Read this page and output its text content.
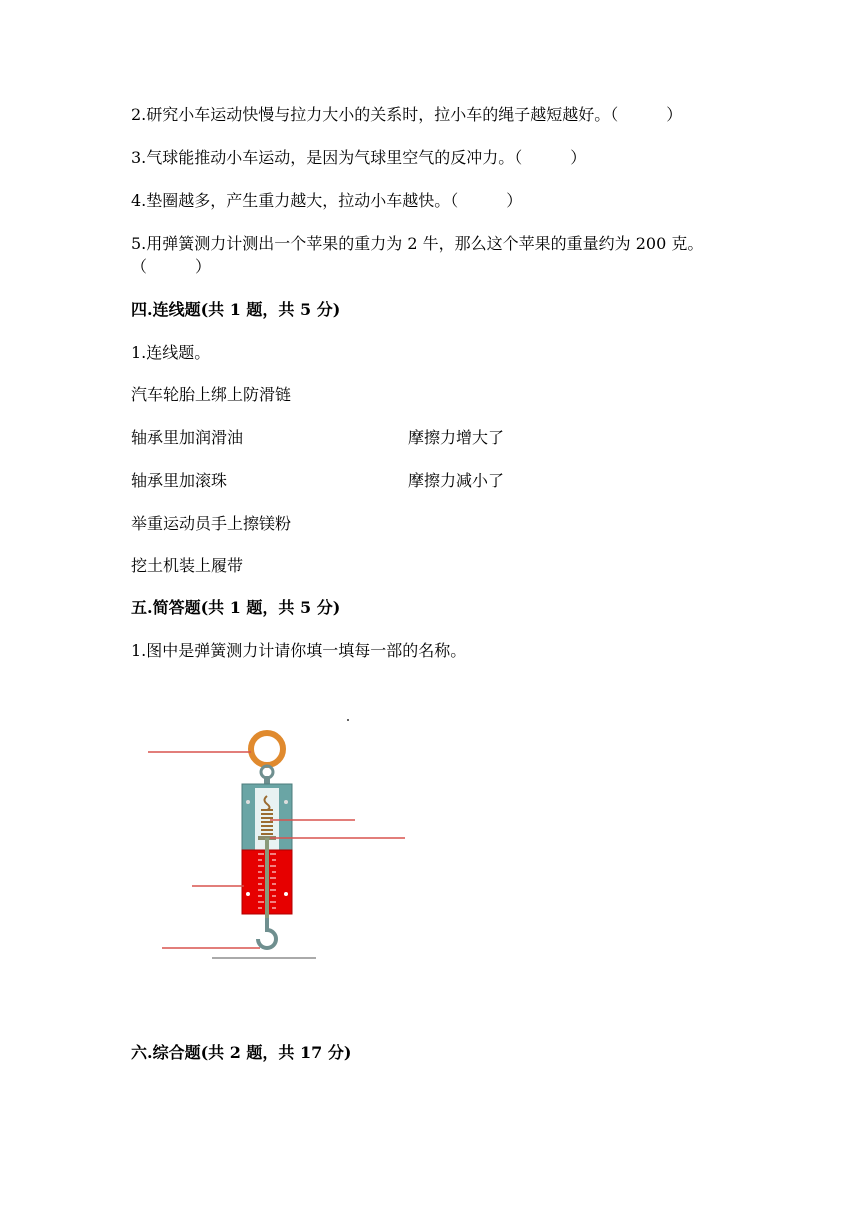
2.研究小车运动快慢与拉力大小的关系时，拉小车的绳子越短越好。（　　　）
3.气球能推动小车运动，是因为气球里空气的反冲力。（　　　）
4.垫圈越多，产生重力越大，拉动小车越快。（　　　）
5.用弹簧测力计测出一个苹果的重力为 2 牛，那么这个苹果的重量约为 200 克。
（　　　）
四.连线题(共 1 题，共 5 分)
1.连线题。
汽车轮胎上绑上防滑链
轴承里加润滑油	摩擦力增大了
轴承里加滚珠	摩擦力减小了
举重运动员手上擦镁粉
挖土机装上履带
五.简答题(共 1 题，共 5 分)
1.图中是弹簧测力计请你填一填每一部的名称。
六.综合题(共 2 题，共 17 分)
